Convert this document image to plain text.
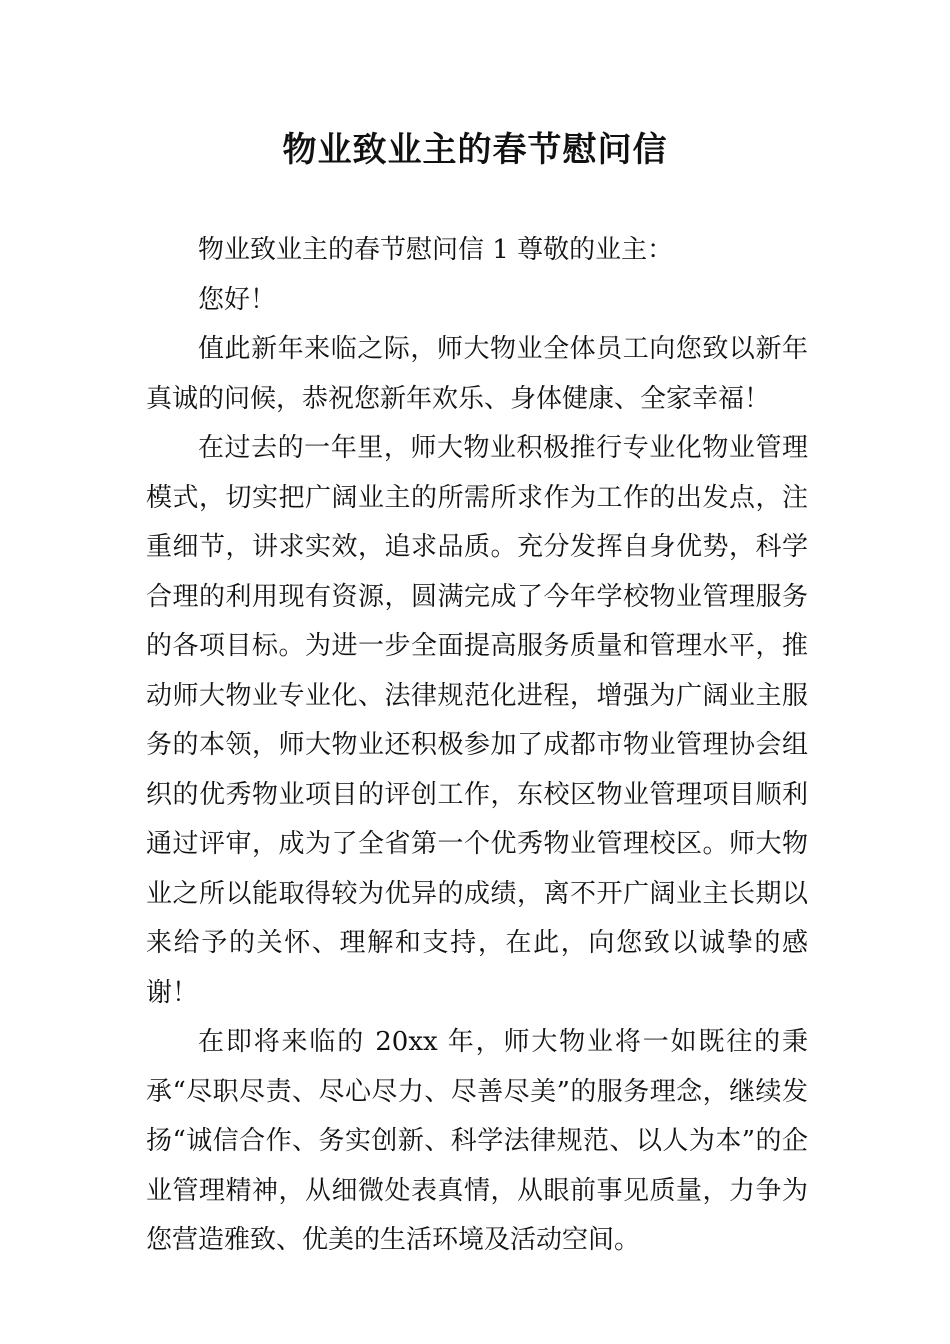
物业致业主的春节慰问信

物业致业主的春节慰问信 1 尊敬的业主：

您好！

值此新年来临之际，师大物业全体员工向您致以新年真诚的问候，恭祝您新年欢乐、身体健康、全家幸福！

在过去的一年里，师大物业积极推行专业化物业管理模式，切实把广阔业主的所需所求作为工作的出发点，注重细节，讲求实效，追求品质。充分发挥自身优势，科学合理的利用现有资源，圆满完成了今年学校物业管理服务的各项目标。为进一步全面提高服务质量和管理水平，推动师大物业专业化、法律规范化进程，增强为广阔业主服务的本领，师大物业还积极参加了成都市物业管理协会组织的优秀物业项目的评创工作，东校区物业管理项目顺利通过评审，成为了全省第一个优秀物业管理校区。师大物业之所以能取得较为优异的成绩，离不开广阔业主长期以来给予的关怀、理解和支持，在此，向您致以诚挚的感谢！

在即将来临的 20xx 年，师大物业将一如既往的秉承“尽职尽责、尽心尽力、尽善尽美”的服务理念，继续发扬“诚信合作、务实创新、科学法律规范、以人为本”的企业管理精神，从细微处表真情，从眼前事见质量，力争为您营造雅致、优美的生活环境及活动空间。
